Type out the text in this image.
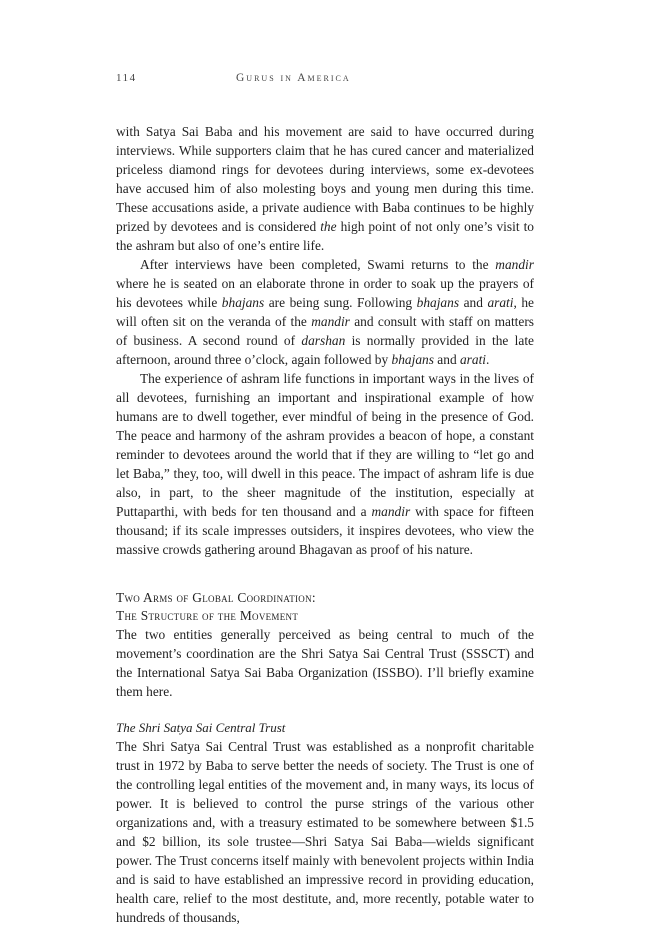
114	Gurus in America

with Satya Sai Baba and his movement are said to have occurred during interviews. While supporters claim that he has cured cancer and materialized priceless diamond rings for devotees during interviews, some ex-devotees have accused him of also molesting boys and young men during this time. These accusations aside, a private audience with Baba continues to be highly prized by devotees and is considered the high point of not only one’s visit to the ashram but also of one’s entire life.

After interviews have been completed, Swami returns to the mandir where he is seated on an elaborate throne in order to soak up the prayers of his devotees while bhajans are being sung. Following bhajans and arati, he will often sit on the veranda of the mandir and consult with staff on matters of business. A second round of darshan is normally provided in the late afternoon, around three o’clock, again followed by bhajans and arati.

The experience of ashram life functions in important ways in the lives of all devotees, furnishing an important and inspirational example of how humans are to dwell together, ever mindful of being in the presence of God. The peace and harmony of the ashram provides a beacon of hope, a constant reminder to devotees around the world that if they are willing to “let go and let Baba,” they, too, will dwell in this peace. The impact of ashram life is due also, in part, to the sheer magnitude of the institution, especially at Puttaparthi, with beds for ten thousand and a mandir with space for fifteen thousand; if its scale impresses outsiders, it inspires devotees, who view the massive crowds gathering around Bhagavan as proof of his nature.

Two Arms of Global Coordination:
The Structure of the Movement

The two entities generally perceived as being central to much of the movement’s coordination are the Shri Satya Sai Central Trust (SSSCT) and the International Satya Sai Baba Organization (ISSBO). I’ll briefly examine them here.

The Shri Satya Sai Central Trust

The Shri Satya Sai Central Trust was established as a nonprofit charitable trust in 1972 by Baba to serve better the needs of society. The Trust is one of the controlling legal entities of the movement and, in many ways, its locus of power. It is believed to control the purse strings of the various other organizations and, with a treasury estimated to be somewhere between $1.5 and $2 billion, its sole trustee—Shri Satya Sai Baba—wields significant power. The Trust concerns itself mainly with benevolent projects within India and is said to have established an impressive record in providing education, health care, relief to the most destitute, and, more recently, potable water to hundreds of thousands,
